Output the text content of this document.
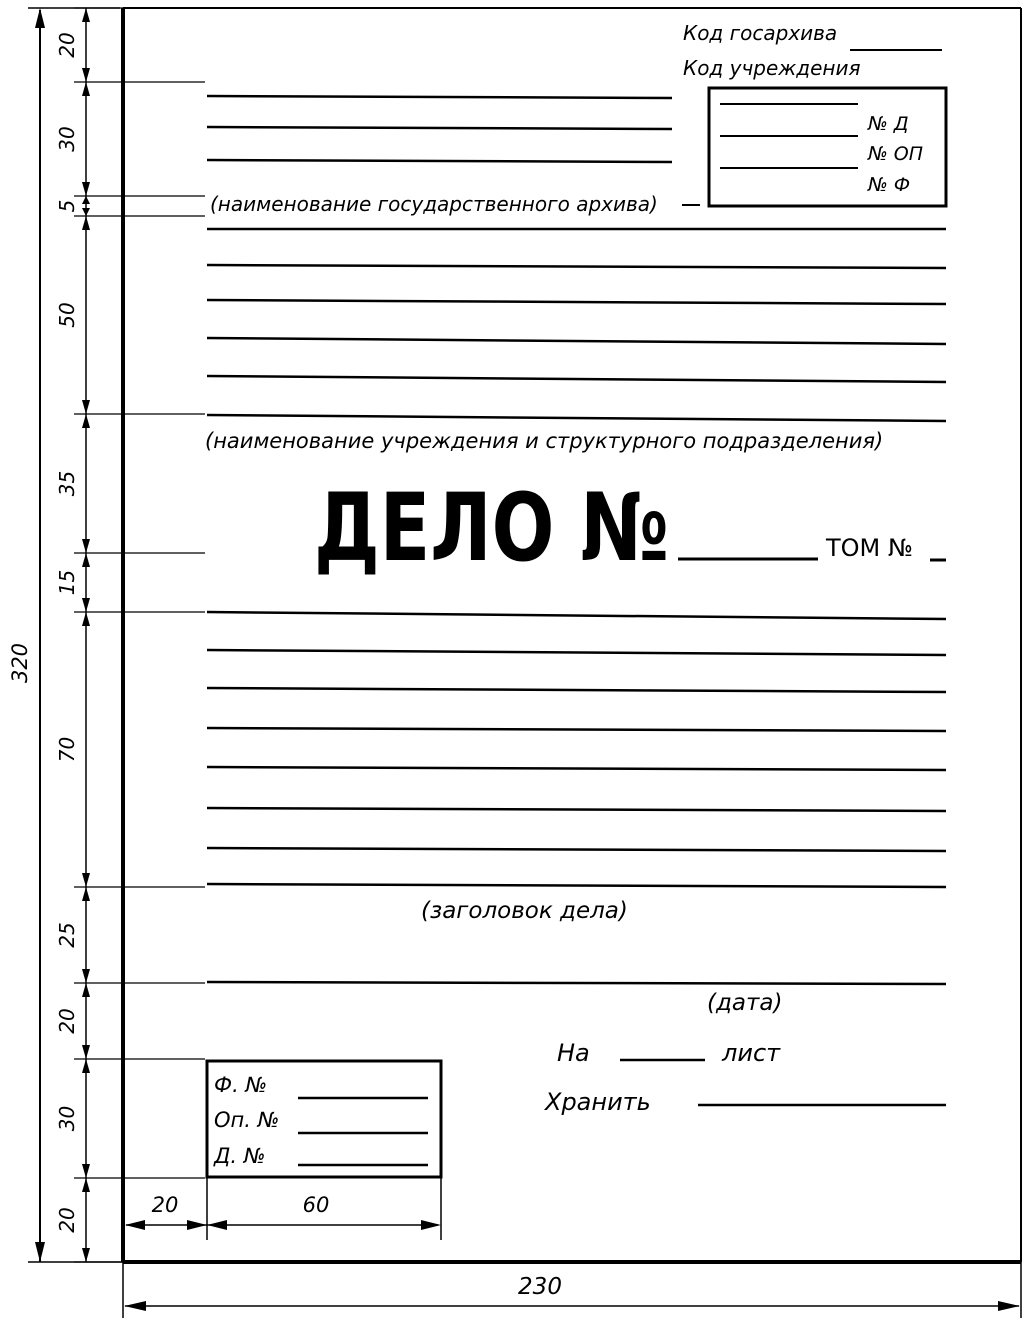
Код госархива
Код учреждения
№ Д
№ ОП
№ Ф
(наименование государственного архива)
(наименование учреждения и структурного подразделения)
ДЕЛО №	ТОМ №
(заголовок дела)
(дата)
На	лист
Хранить
Ф. №
Оп. №
Д. №
20
30
5
50
35
15
70
25
20
30
20
320
20	60
230
